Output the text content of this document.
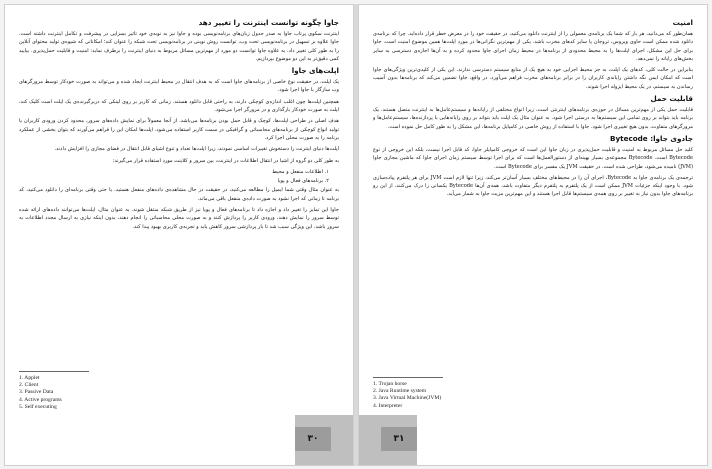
جاوا چگونه توانست اینترنت را تغییر دهد

اینترنت سکوی پرتاب جاوا به صدر جدول زبان‌های برنامه‌نویسی بوده و جاوا نیز به نوبه‌ی خود تاثیر بسزایی در پیشرفت و تکامل اینترنت داشته است. جاوا علاوه بر تسهیل در برنامه‌نویسی تحت وب، توانست روش نوینی در برنامه‌نویسی تحت شبکه را عنوان کند؛ امکاناتی که شیوه‌ی تولید محتوای آنلاین را به طور کلی تغییر داد. به علاوه جاوا توانست دو مورد از مهم‌ترین مسائل مربوط به دنیای اینترنت را برطرف نماید: امنیت و قابلیت حمل‌پذیری. بیایید کمی دقیق‌تر به این دو موضوع بپردازیم.

اپلت‌های جاوا

یک اپلت، در حقیقت نوع خاصی از برنامه‌های جاوا است که به هدف انتقال در محیط اینترنت ایجاد شده و می‌تواند به صورت خودکار توسط مرورگرهای وب سازگار با جاوا اجرا شود.

همچنین اپلت‌ها چون اغلب اندازه‌ی کوچکی دارند، به راحتی قابل دانلود هستند. زمانی که کاربر بر روی لینکی که دربرگیرنده‌ی یک اپلت است کلیک کند، اپلت به صورت خودکار بارگذاری و در مرورگر اجرا می‌شود.

هدف اصلی در طراحی اپلت‌ها، کوچک و قابل حمل بودن برنامه‌ها می‌باشد. از آنجا معمولاً برای نمایش داده‌های سرور، محدود کردن ورودی کاربران یا تولید انواع کوچکی از برنامه‌های محاسباتی و گرافیکی در سمت کاربر استفاده می‌شود. اپلت‌ها امکان این را فراهم می‌آورند که بتوان بخشی از عملکرد برنامه را به صورت محلی اجرا کرد.

اپلت‌ها دنیای اینترنت را دستخوش تغییرات اساسی نمودند، زیرا اپلت‌ها تعداد و تنوع اشیای قابل انتقال در فضای مجازی را افزایش دادند.

به طور کلی دو گروه از اشیا در انتقال اطلاعات در اینترنت، بین سرور و کلاینت مورد استفاده قرار می‌گیرند:

۱. اطلاعات منفعل و محیط

۲. برنامه‌های فعال و پویا

به عنوان مثال وقتی شما ایمیل را مطالعه می‌کنید، در حقیقت در حال مشاهده‌ی داده‌های منفعل هستید. یا حتی وقتی برنامه‌ای را دانلود می‌کنید، کد برنامه تا زمانی که اجرا نشود به صورت داده‌ی منفعل باقی می‌ماند.

جاوا این تمایز را تغییر داد و اجازه داد تا برنامه‌های فعال و پویا نیز از طریق شبکه منتقل شوند. به عنوان مثال، اپلت‌ها می‌توانند داده‌های ارائه شده توسط سرور را نمایش دهند، ورودی کاربر را پردازش کنند و به صورت محلی محاسباتی را انجام دهند، بدون اینکه نیازی به ارسال مجدد اطلاعات به سرور باشد. این ویژگی سبب شد تا بار پردازشی سرور کاهش یابد و تجربه‌ی کاربری بهبود پیدا کند.

1. Applet
2. Client
3. Passive Data
4. Active programs
5. Self executing
۳۰
امنیت

همان‌طور که می‌دانید، هر بار که شما یک برنامه‌ی معمولی را از اینترنت دانلود می‌کنید، در حقیقت خود را در معرض خطر قرار داده‌اید. چرا که برنامه‌ی دانلود شده ممکن است حاوی ویروس، تروجان یا سایر کدهای مخرب باشد. یکی از مهم‌ترین نگرانی‌ها در مورد اپلت‌ها همین موضوع امنیت است. جاوا برای حل این مشکل، اجرای اپلت‌ها را به محیط محدودی از برنامه‌ها در محیط زمان اجرای جاوا محدود کرده و به آن‌ها اجازه‌ی دسترسی به سایر بخش‌های رایانه را نمی‌دهد.

بنابراین در حالت کلی، کدهای یک اپلت، به جز محیط اجرایی خود به هیچ یک از منابع سیستم دسترسی ندارند. این یکی از کلیدی‌ترین ویژگی‌های جاوا است که امکان ایمن نگه داشتن رایانه‌ی کاربران را در برابر برنامه‌های مخرب فراهم می‌آورد. در واقع، جاوا تضمین می‌کند که برنامه‌ها بدون آسیب رساندن به سیستم، در یک محیط ایزوله اجرا شوند.

قابلیت حمل

قابلیت حمل یکی از مهم‌ترین مسائل در حوزه‌ی برنامه‌های اینترنتی است، زیرا انواع مختلفی از رایانه‌ها و سیستم‌عامل‌ها به اینترنت متصل هستند. یک برنامه باید بتواند بر روی تمامی این سیستم‌ها به درستی اجرا شود. به عنوان مثال یک اپلت باید بتواند بر روی رایانه‌هایی با پردازنده‌ها، سیستم‌عامل‌ها و مرورگرهای متفاوت، بدون هیچ تغییری اجرا شود. جاوا با استفاده از روش خاصی در کامپایل برنامه‌ها، این مشکل را به طور کامل حل نموده است.

جادوی جاوا: Bytecode

کلید حل مسائل مربوط به امنیت و قابلیت حمل‌پذیری در زبان جاوا این است که خروجی کامپایلر جاوا، کد قابل اجرا نیست، بلکه این خروجی از نوع Bytecode است. Bytecode مجموعه‌ی بسیار بهینه‌ای از دستورالعمل‌ها است که برای اجرا توسط سیستم زمان اجرای جاوا که ماشین مجازی جاوا (JVM) نامیده می‌شود، طراحی شده است. در حقیقت JVM یک مفسر برای Bytecode است.

ترجمه‌ی یک برنامه‌ی جاوا به Bytecode، اجرای آن را در محیط‌های مختلف بسیار آسان‌تر می‌کند، زیرا تنها لازم است JVM برای هر پلتفرم پیاده‌سازی شود. با وجود اینکه جزئیات JVM ممکن است از یک پلتفرم به پلتفرم دیگر متفاوت باشد، همه‌ی آن‌ها Bytecode یکسانی را درک می‌کنند. از این رو برنامه‌های جاوا بدون نیاز به تغییر بر روی همه‌ی سیستم‌ها قابل اجرا هستند و این مهم‌ترین مزیت جاوا به شمار می‌آید.

1. Trojan horse
2. Java Runtime system
3. Java Virtual Machine(JVM)
4. Interpreter
۳۱
